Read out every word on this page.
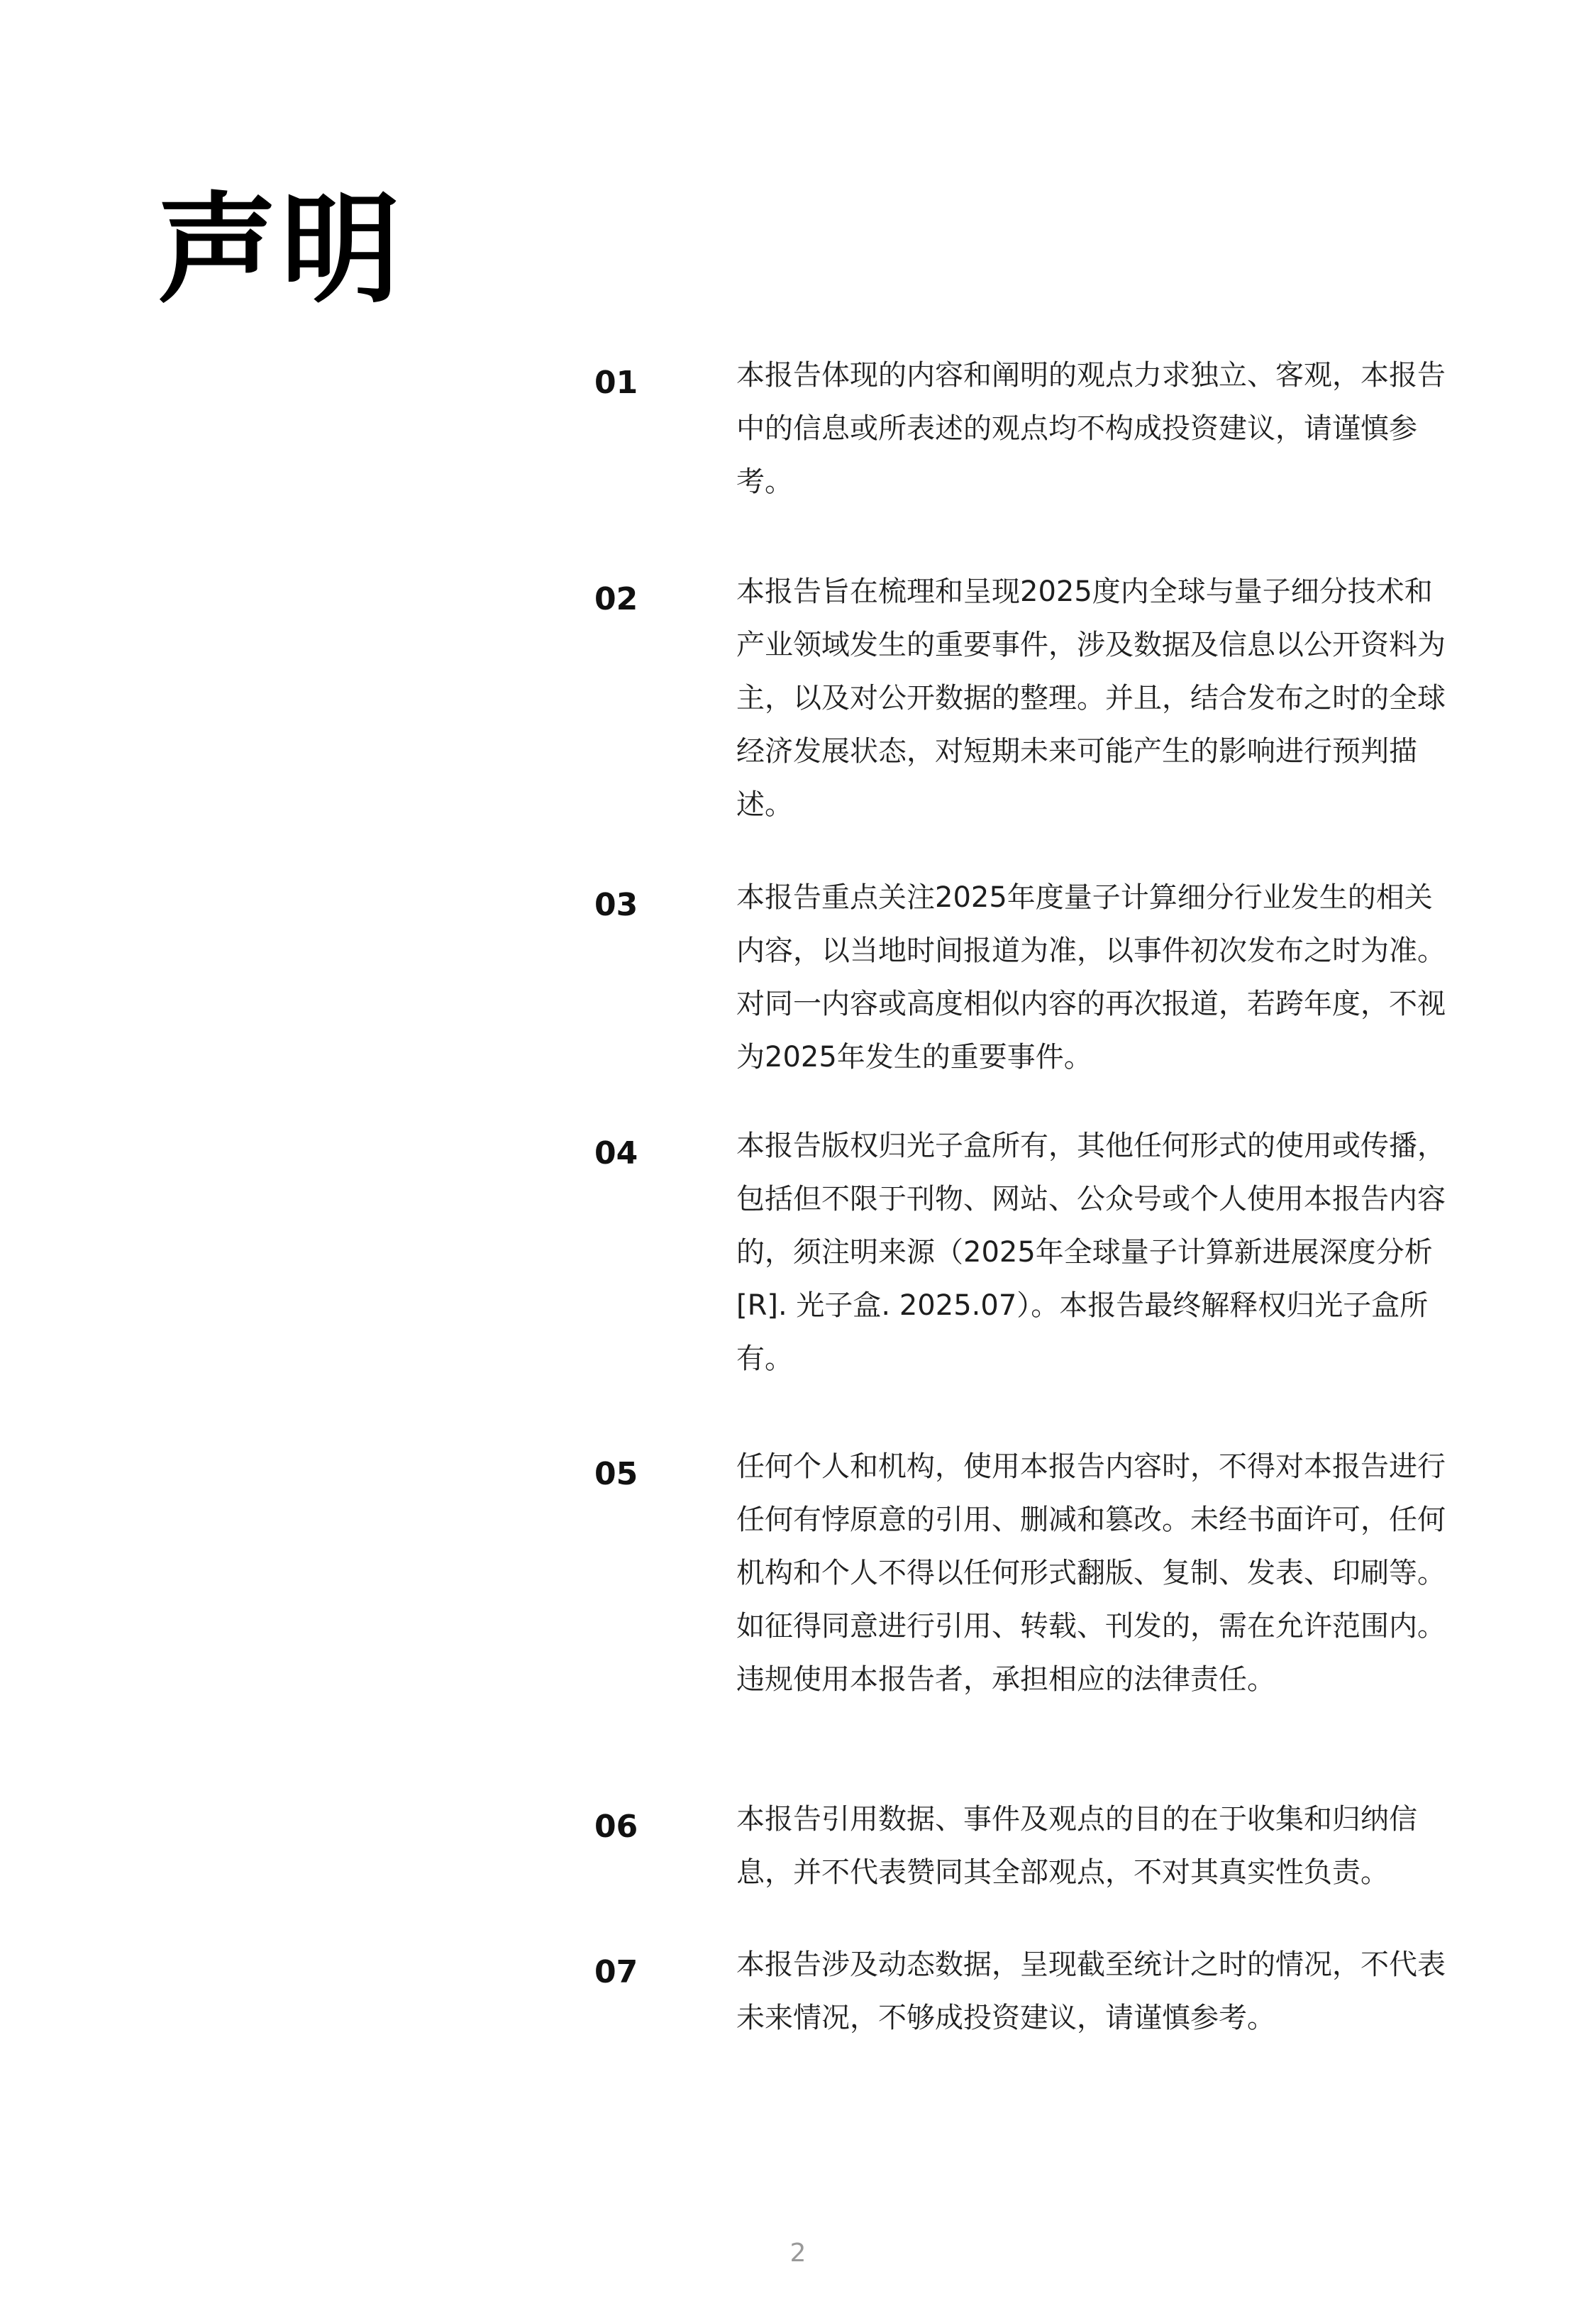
声明
01	本报告体现的内容和阐明的观点力求独立、客观，本报告中的信息或所表述的观点均不构成投资建议，请谨慎参考。

02	本报告旨在梳理和呈现2025度内全球与量子细分技术和产业领域发生的重要事件，涉及数据及信息以公开资料为主，以及对公开数据的整理。并且，结合发布之时的全球经济发展状态，对短期未来可能产生的影响进行预判描述。

03	本报告重点关注2025年度量子计算细分行业发生的相关内容，以当地时间报道为准，以事件初次发布之时为准。对同一内容或高度相似内容的再次报道，若跨年度，不视为2025年发生的重要事件。

04	本报告版权归光子盒所有，其他任何形式的使用或传播，包括但不限于刊物、网站、公众号或个人使用本报告内容的，须注明来源（2025年全球量子计算新进展深度分析 [R]. 光子盒. 2025.07）。本报告最终解释权归光子盒所有。

05	任何个人和机构，使用本报告内容时，不得对本报告进行任何有悖原意的引用、删减和篡改。未经书面许可，任何机构和个人不得以任何形式翻版、复制、发表、印刷等。如征得同意进行引用、转载、刊发的，需在允许范围内。违规使用本报告者，承担相应的法律责任。

06	本报告引用数据、事件及观点的目的在于收集和归纳信息，并不代表赞同其全部观点，不对其真实性负责。

07	本报告涉及动态数据，呈现截至统计之时的情况，不代表未来情况，不够成投资建议，请谨慎参考。

2
